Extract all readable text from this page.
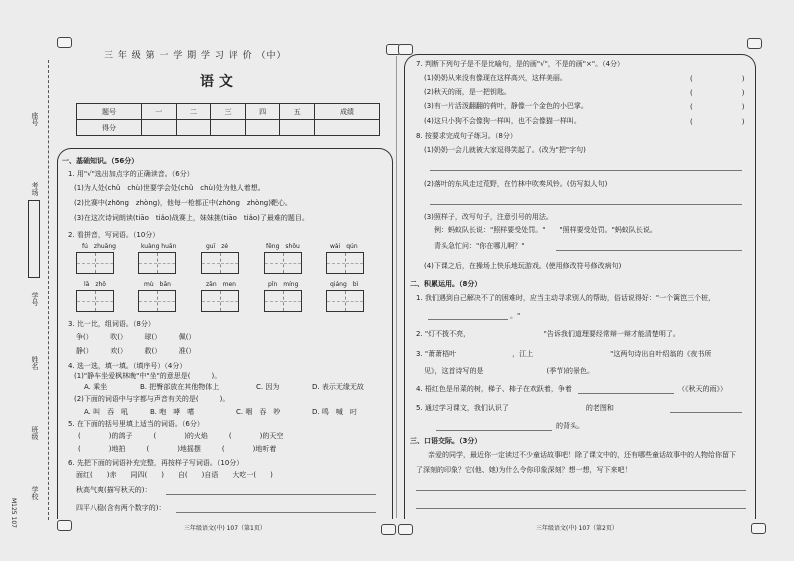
座号
考场
学号
姓名
班级
学校
M125 107
三 年 级 第 一 学 期 学 习 评 价 （中）
语 文
题号	一	二	三	四	五	成绩
得分						
一、基础知识。（56分）
1. 用"√"选出加点字的正确读音。（6分）
(1)为人处(chǔ　chù)世要学会处(chǔ　chù)处为他人着想。
(2)比赛中(zhōng　zhòng)，他每一枪都正中(zhōng　zhòng)靶心。
(3)在这次诗词朗读(tiāo　tiǎo)战赛上，妹妹挑(tiāo　tiǎo)了最难的题目。
2. 看拼音，写词语。（10分）
fú　zhuāng	kuàng huān	guī　zé	fēng　shōu	wài　qún
lā　zhǒ	mù　bān	zān　men	pǐn　míng	qiáng　bì
3. 比一比，组词语。（8分）
争(）　　　吹(）　　　球(）　　　佩(）
静(）　　　欢(）　　　救(）　　　准(）
4. 选一选，填一填。（填序号）（4分）
(1)"静车坐爱枫林晚"中"坐"的意思是(　　　)。
A. 乘坐	B. 把臀部放在其他物体上	C. 因为	D. 表示无缘无故
(2)下面的词语中与字都与声音有关的是(　　　)。
A. 叫　吞　吼	B. 咆　哮　嗜	C. 咽　吞　吵	D. 鸣　喊　叼
5. 在下面的括号里填上适当的词语。（6分）
(　　　　)的鸽子　　　(　　　　)的火焰　　　(　　　　)的天空
(　　　　)地拍　　　(　　　　)地摇摆　　　(　　　　)地听着
6. 先把下面的词语补充完整，再按样子写词语。（10分）
面红(　　)赤　　同四(　　)　　自(　　)自语　　大吃一(　　)
秋高气爽(描写秋天的)：
四平八稳(含有两个数字的)：
三年级语文(中) 107（第1页）
7. 判断下列句子是不是比喻句，是的画"√"，不是的画"×"。（4分）
(1)奶奶从来没有像现在这样高兴，这样美丽。	(　　　　　　　)
(2)秋天的雨，是一把钥匙。	(　　　　　　　)
(3)有一片活泼翻翻的荷叶，静像一个金色的小巴掌。	(　　　　　　　)
(4)这只小狗不会像狗一样叫，也不会像猫一样叫。	(　　　　　　　)
8. 按要求完成句子练习。（8分）
(1)奶奶一会儿就被大家逗得笑起了。(改为"把"字句)
(2)落叶的东风走过荒野，在竹林中吹奏风铃。(仿写拟人句)
(3)照样子，改写句子，注意引号的用法。
例：蚂蚁队长说："照样要受处罚。"　　"照样要受处罚。"蚂蚁队长说。
青头急忙问："你在哪儿啊？"
(4)下课之后，在操场上快乐地玩游戏。(使用修改符号修改病句)
二、积累运用。（8分）
1. 我们遇到自己解决不了的困难时，应当主动寻求别人的帮助，俗话说得好："一个篱笆三个桩，
。"
2. "灯不拨不亮，　　　　　　　　　　　"告诉我们道理要经常辩一辩才能清楚明了。
3. "萧萧梧叶　　　　　　　　，江上　　　　　　　　　　　"这两句诗出自叶绍翁的《夜书所
见》，这首诗写的是　　　　　　　　　(季节)的景色。
4. 梧红色是吊菜的树，梯子、柿子在欢跃着，争着	（《秋天的雨》）
5. 通过学习课文，我们认识了　　　　　　　　　　　的老图和
的背头。
三、口语交际。（3分）
亲爱的同学，最近你一定读过不少童话故事吧！除了课文中的，还有哪些童话故事中的人物给你留下
了深刻的印象？它(他、她)为什么令你印象深刻？想一想，写下来吧！
三年级语文(中) 107（第2页）
